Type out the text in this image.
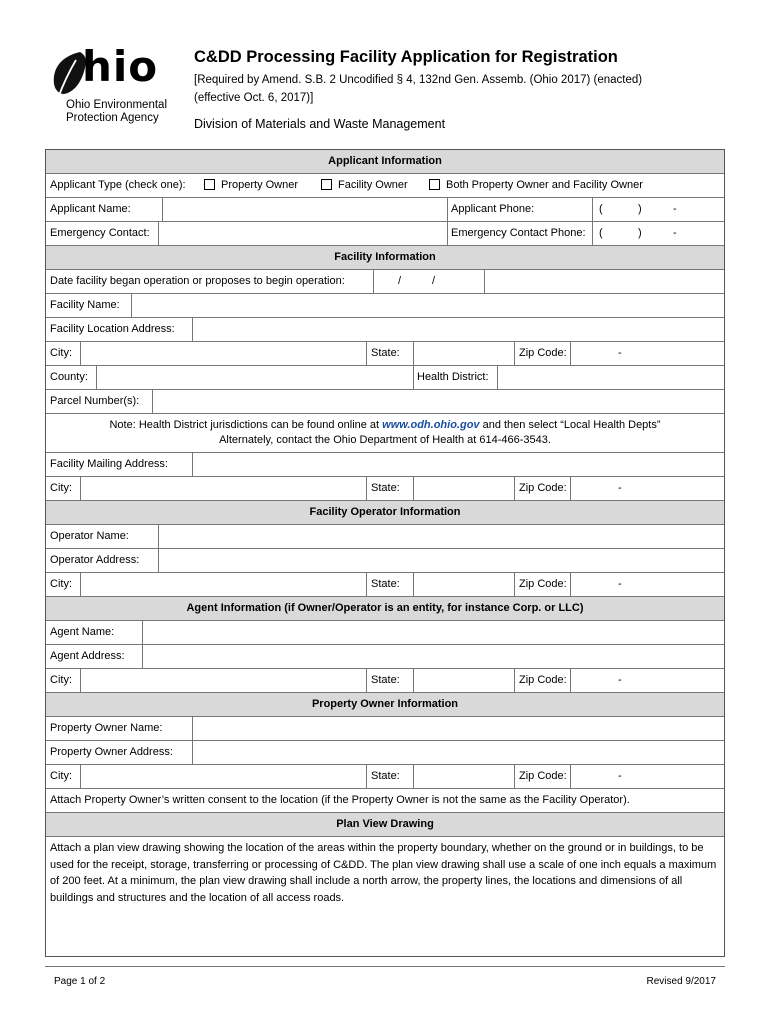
hio
Ohio Environmental
Protection Agency
C&DD Processing Facility Application for Registration
[Required by Amend. S.B. 2 Uncodified § 4, 132nd Gen. Assemb. (Ohio 2017) (enacted)
(effective Oct. 6, 2017)]
Division of Materials and Waste Management
Applicant Information
Applicant Type (check one):	Property Owner	Facility Owner	Both Property Owner and Facility Owner
Applicant Name:	Applicant Phone:	(	)	-
Emergency Contact:	Emergency Contact Phone: (	)	-
Facility Information
Date facility began operation or proposes to begin operation:	/	/
Facility Name:
Facility Location Address:
City:	State:	Zip Code:	-
County:	Health District:
Parcel Number(s):
Note: Health District jurisdictions can be found online at www.odh.ohio.gov and then select “Local Health Depts”
Alternately, contact the Ohio Department of Health at 614-466-3543.
Facility Mailing Address:
City:	State:	Zip Code:	-
Facility Operator Information
Operator Name:
Operator Address:
City:	State:	Zip Code:	-
Agent Information (if Owner/Operator is an entity, for instance Corp. or LLC)
Agent Name:
Agent Address:
City:	State:	Zip Code:	-
Property Owner Information
Property Owner Name:
Property Owner Address:
City:	State:	Zip Code:	-
Attach Property Owner’s written consent to the location (if the Property Owner is not the same as the Facility Operator).
Plan View Drawing
Attach a plan view drawing showing the location of the areas within the property boundary, whether on the ground or in buildings, to be used for the receipt, storage, transferring or processing of C&DD. The plan view drawing shall use a scale of one inch equals a maximum of 200 feet. At a minimum, the plan view drawing shall include a north arrow, the property lines, the locations and dimensions of all buildings and structures and the location of all access roads.
Page 1 of 2	Revised 9/2017
